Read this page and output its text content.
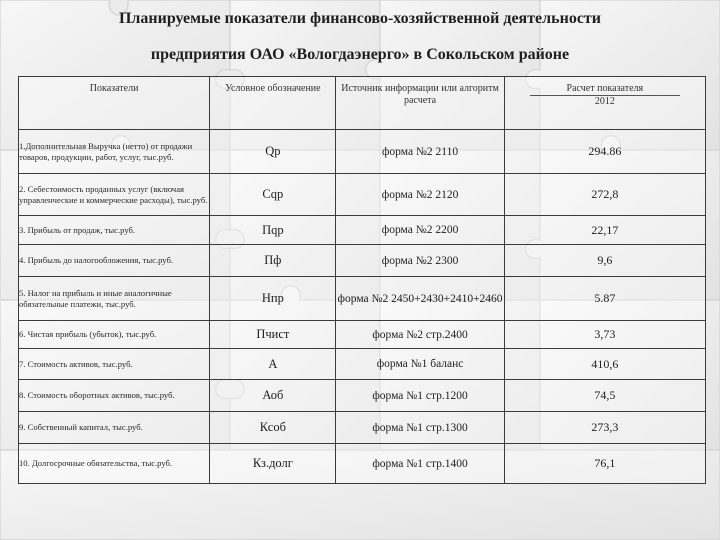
Планируемые показатели финансово-хозяйственной деятельности
предприятия ОАО «Вологдаэнерго» в Сокольском районе
Показатели	Условное обозначение	Источник информации или алгоритм расчета	Расчет показателя
2012
1.Дополнительная Выручка (нетто) от продажи товаров, продукции, работ, услуг, тыс.руб.	Qp	форма №2 2110	294.86
2. Себестоимость проданных услуг (включая управленческие и коммерческие расходы), тыс.руб.	Сqр	форма №2 2120	272,8
3. Прибыль от продаж, тыс.руб.	Пqр	форма №2 2200	22,17
4. Прибыль до налогообложения, тыс.руб.	Пф	форма №2 2300	9,6
5. Налог на прибыль и иные аналогичные обязательные платежи, тыс.руб.	Нпр	форма №2 2450+2430+2410+2460	5.87
6. Чистая прибыль (убыток), тыс.руб.	Пчист	форма №2 стр.2400	3,73
7. Стоимость активов, тыс.руб.	А	форма №1 баланс	410,6
8. Стоимость оборотных активов, тыс.руб.	Аоб	форма №1 стр.1200	74,5
9. Собственный капитал, тыс.руб.	Ксоб	форма №1 стр.1300	273,3
10. Долгосрочные обязательства, тыс.руб.	Кз.долг	форма №1 стр.1400	76,1
